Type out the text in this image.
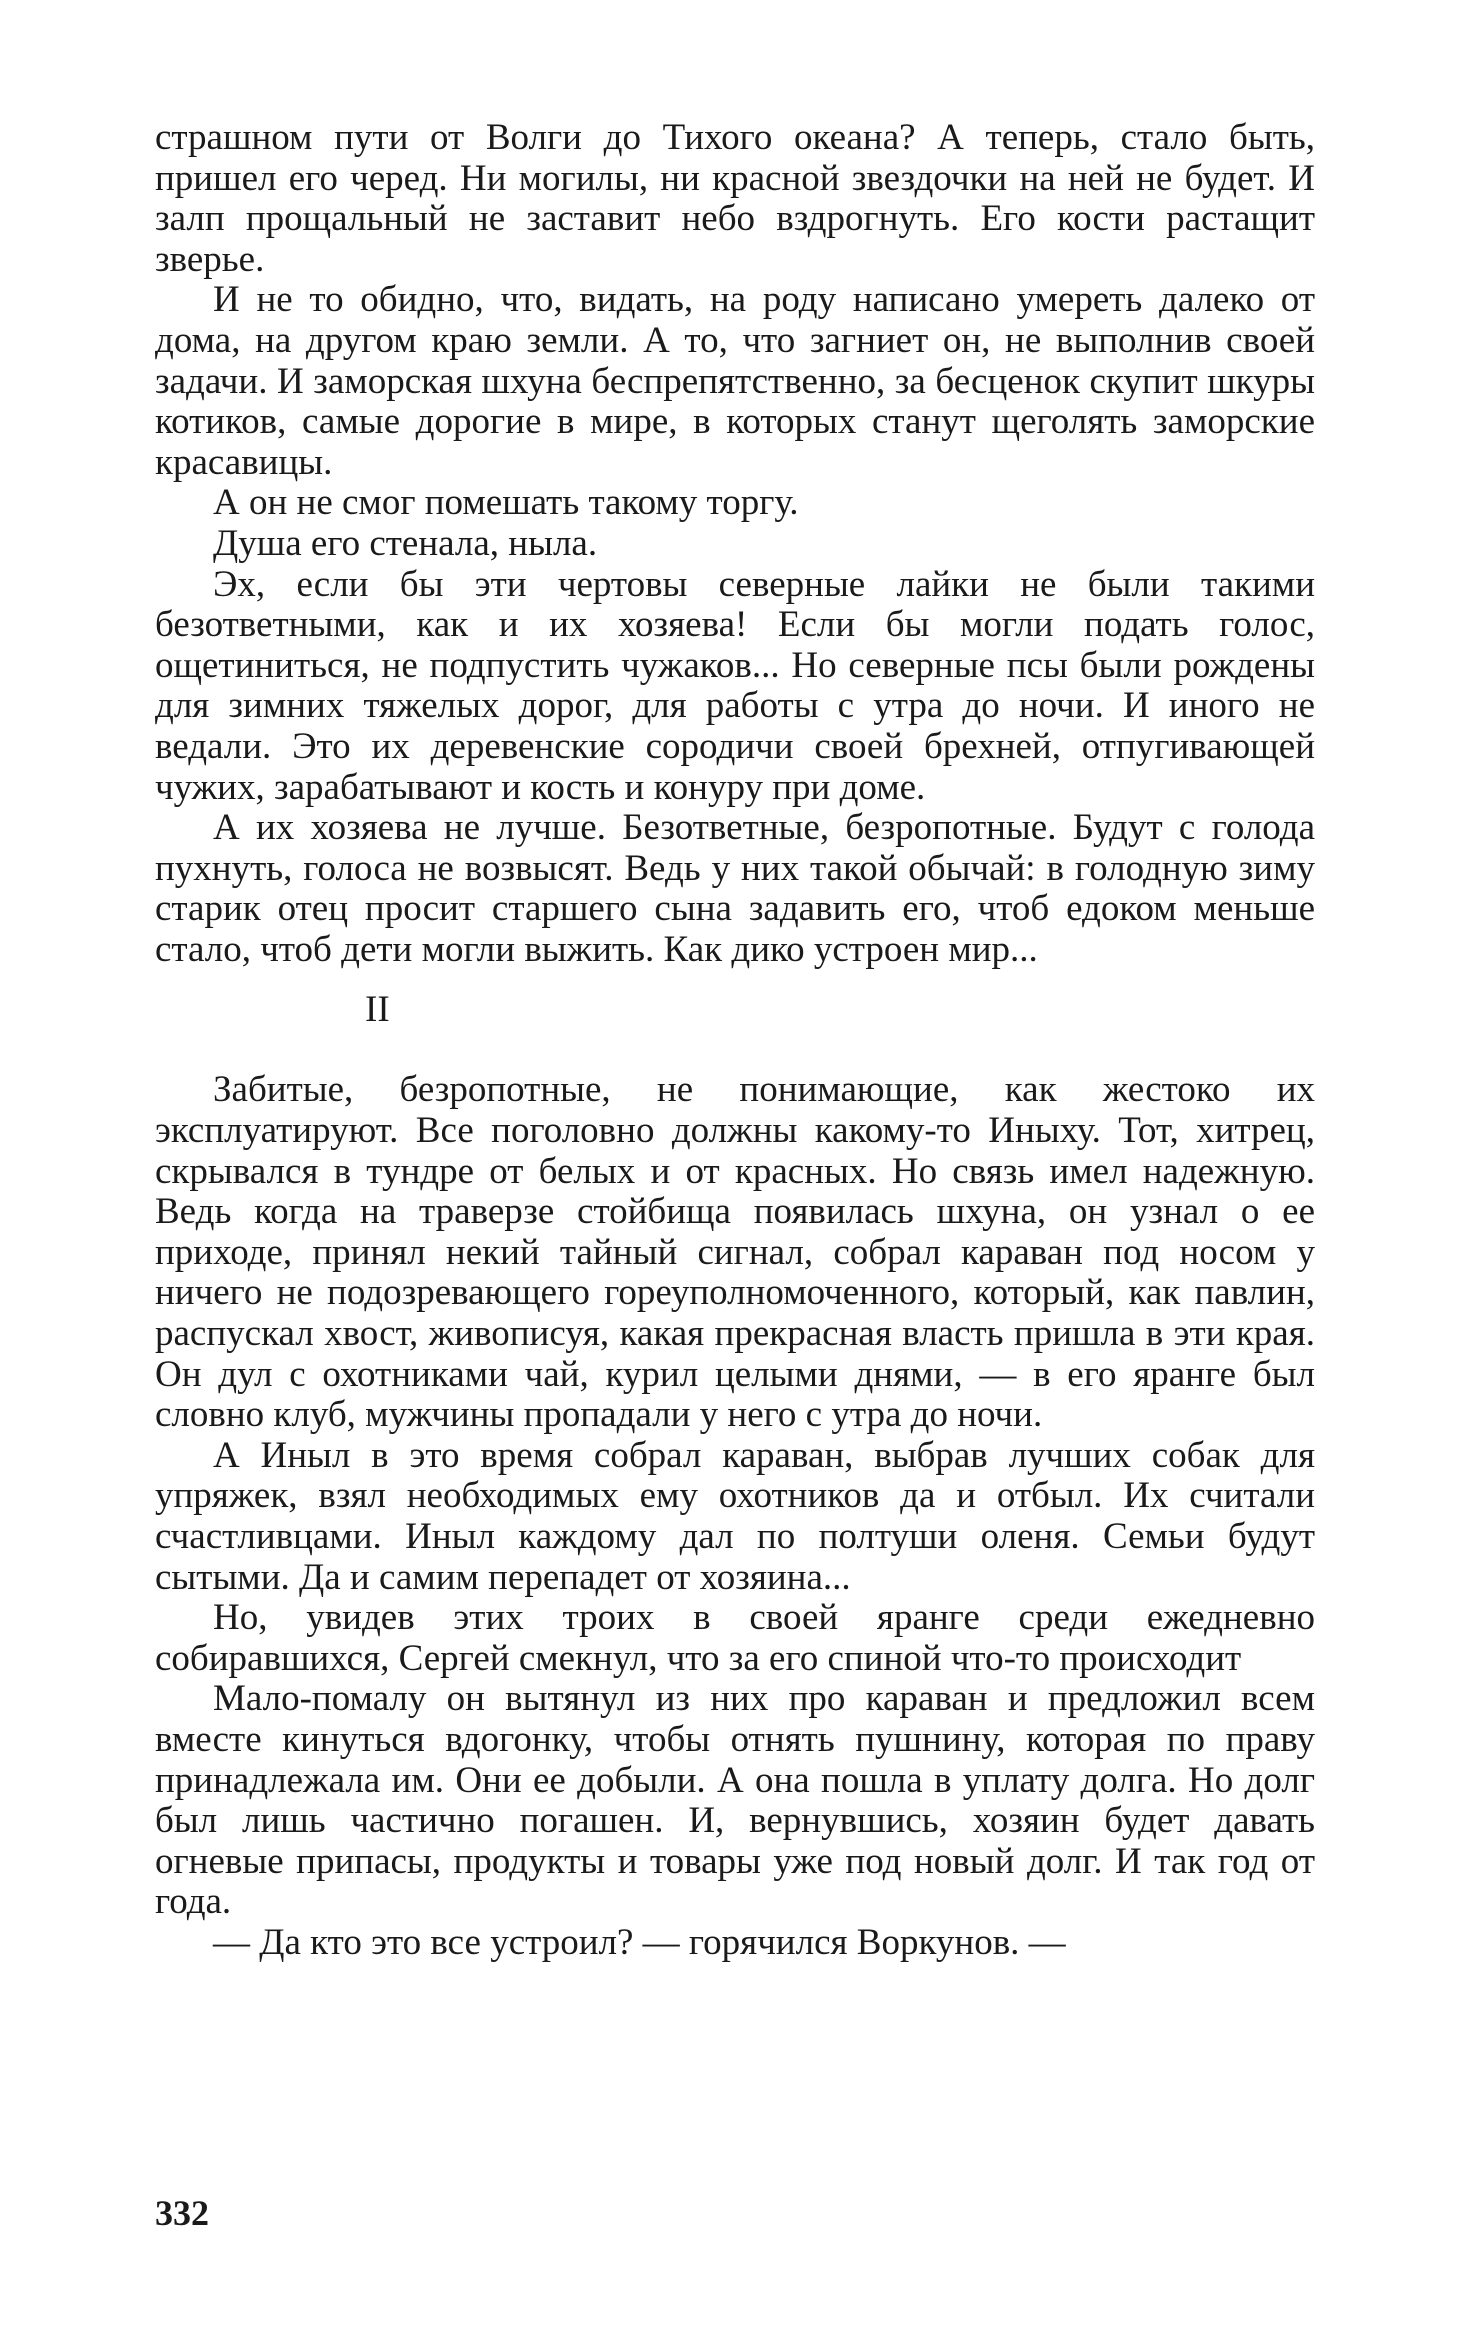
страшном пути от Волги до Тихого океана? А теперь, стало быть, пришел его черед. Ни могилы, ни красной звездочки на ней не будет. И залп прощальный не заставит небо вздрогнуть. Его кости растащит зверье.

И не то обидно, что, видать, на роду написано умереть далеко от дома, на другом краю земли. А то, что загниет он, не выполнив своей задачи. И заморская шхуна беспрепятственно, за бесценок скупит шкуры котиков, самые дорогие в мире, в которых станут щеголять заморские красавицы.

А он не смог помешать такому торгу.

Душа его стенала, ныла.

Эх, если бы эти чертовы северные лайки не были такими безответными, как и их хозяева! Если бы могли подать голос, ощетиниться, не подпустить чужаков... Но северные псы были рождены для зимних тяжелых дорог, для работы с утра до ночи. И иного не ведали. Это их деревенские сородичи своей брехней, отпугивающей чужих, зарабатывают и кость и конуру при доме.

А их хозяева не лучше. Безответные, безропотные. Будут с голода пухнуть, голоса не возвысят. Ведь у них такой обычай: в голодную зиму старик отец просит старшего сына задавить его, чтоб едоком меньше стало, чтоб дети могли выжить. Как дико устроен мир...

II

Забитые, безропотные, не понимающие, как жестоко их эксплуатируют. Все поголовно должны какому-то Иныху. Тот, хитрец, скрывался в тундре от белых и от красных. Но связь имел надежную. Ведь когда на траверзе стойбища появилась шхуна, он узнал о ее приходе, принял некий тайный сигнал, собрал караван под носом у ничего не подозревающего гореуполномоченного, который, как павлин, распускал хвост, живописуя, какая прекрасная власть пришла в эти края. Он дул с охотниками чай, курил целыми днями, — в его яранге был словно клуб, мужчины пропадали у него с утра до ночи.

А Иныл в это время собрал караван, выбрав лучших собак для упряжек, взял необходимых ему охотников да и отбыл. Их считали счастливцами. Иныл каждому дал по полтуши оленя. Семьи будут сытыми. Да и самим перепадет от хозяина...

Но, увидев этих троих в своей яранге среди ежедневно собиравшихся, Сергей смекнул, что за его спиной что-то происходит

Мало-помалу он вытянул из них про караван и предложил всем вместе кинуться вдогонку, чтобы отнять пушнину, которая по праву принадлежала им. Они ее добыли. А она пошла в уплату долга. Но долг был лишь частично погашен. И, вернувшись, хозяин будет давать огневые припасы, продукты и товары уже под новый долг. И так год от года.

— Да кто это все устроил? — горячился Воркунов. —

332
